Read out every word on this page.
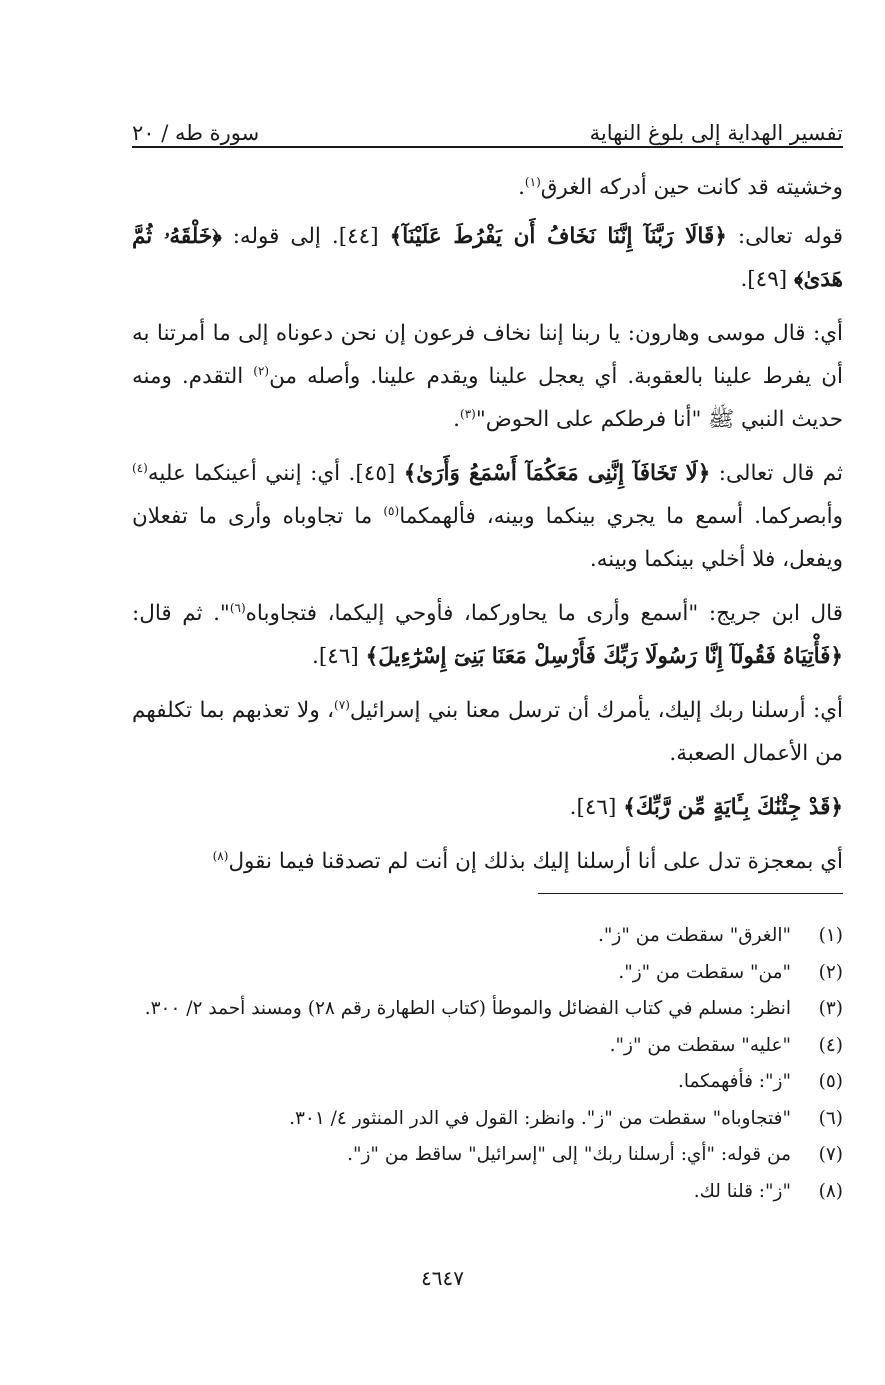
تفسير الهداية إلى بلوغ النهاية
سورة طه / ٢٠

وخشيته قد كانت حين أدركه الغرق$^{(١)}$.

قوله تعالى: ﴿قَالَا رَبَّنَآ إِنَّنَا نَخَافُ أَن يَفْرُطَ عَلَيْنَآ﴾ [٤٤]. إلى قوله: ﴿خَلْقَهُۥ ثُمَّ هَدَىٰ﴾ [٤٩].

أي: قال موسى وهارون: يا ربنا إننا نخاف فرعون إن نحن دعوناه إلى ما أمرتنا به أن يفرط علينا بالعقوبة. أي يعجل علينا ويقدم علينا. وأصله من$^{(٢)}$ التقدم. ومنه حديث النبي ﷺ "أنا فرطكم على الحوض"$^{(٣)}$.

ثم قال تعالى: ﴿لَا تَخَافَآ إِنَّنِى مَعَكُمَآ أَسْمَعُ وَأَرَىٰ﴾ [٤٥]. أي: إنني أعينكما عليه$^{(٤)}$ وأبصركما. أسمع ما يجري بينكما وبينه، فألهمكما$^{(٥)}$ ما تجاوباه وأرى ما تفعلان ويفعل، فلا أخلي بينكما وبينه.

قال ابن جريج: "أسمع وأرى ما يحاوركما، فأوحي إليكما، فتجاوباه$^{(٦)}$". ثم قال: ﴿فَأْتِيَاهُ فَقُولَآ إِنَّا رَسُولَا رَبِّكَ فَأَرْسِلْ مَعَنَا بَنِىٓ إِسْرَٰٓءِيلَ﴾ [٤٦].

أي: أرسلنا ربك إليك، يأمرك أن ترسل معنا بني إسرائيل$^{(٧)}$، ولا تعذبهم بما تكلفهم من الأعمال الصعبة.

﴿قَدْ جِئْنَٰكَ بِـَٔايَةٍ مِّن رَّبِّكَ﴾ [٤٦].

أي بمعجزة تدل على أنا أرسلنا إليك بذلك إن أنت لم تصدقنا فيما نقول$^{(٨)}$

(١)
"الغرق" سقطت من "ز".
(٢)
"من" سقطت من "ز".
(٣)
انظر: مسلم في كتاب الفضائل والموطأ (كتاب الطهارة رقم ٢٨) ومسند أحمد ٢/ ٣٠٠.
(٤)
"عليه" سقطت من "ز".
(٥)
"ز": فأفهمكما.
(٦)
"فتجاوباه" سقطت من "ز". وانظر: القول في الدر المنثور ٤/ ٣٠١.
(٧)
من قوله: "أي: أرسلنا ربك" إلى "إسرائيل" ساقط من "ز".
(٨)
"ز": قلنا لك.
٤٦٤٧
